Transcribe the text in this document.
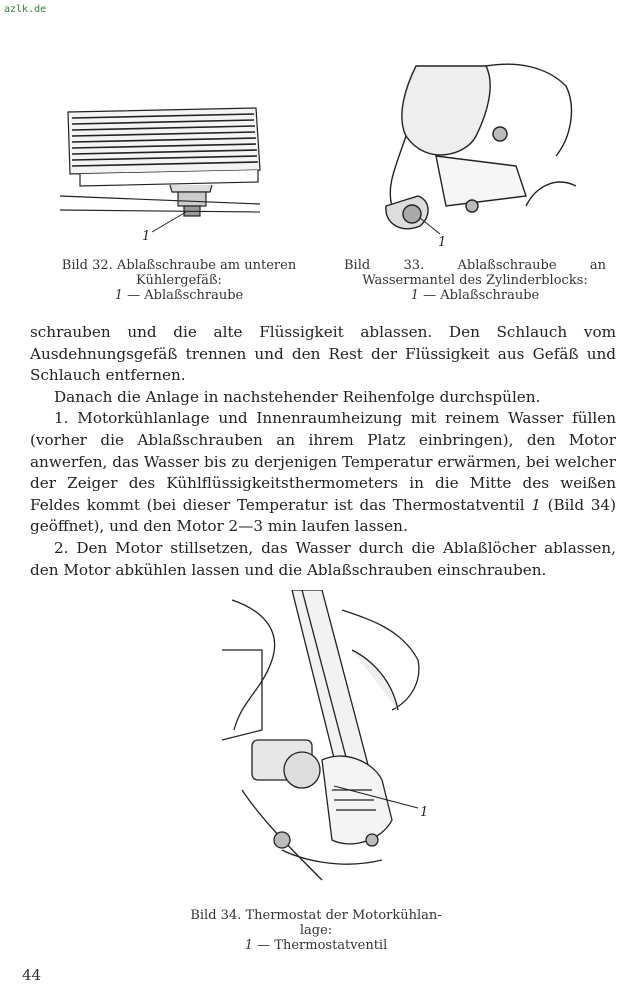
azlk.de
1	1
Bild 32. Ablaßschraube am unteren
Kühlergefäß:
1 — Ablaßschraube
Bild 33. Ablaßschraube an Wassermantel des Zylinderblocks:
1 — Ablaßschraube

schrauben und die alte Flüssigkeit ablassen. Den Schlauch vom Ausdehnungsgefäß trennen und den Rest der Flüssigkeit aus Gefäß und Schlauch entfernen.

Danach die Anlage in nachstehender Reihenfolge durchspülen.

1. Motorkühlanlage und Innenraumheizung mit reinem Wasser füllen (vorher die Ablaßschrauben an ihrem Platz einbringen), den Motor anwerfen, das Wasser bis zu derjenigen Temperatur erwärmen, bei welcher der Zeiger des Kühlflüssigkeitsthermometers in die Mitte des weißen Feldes kommt (bei dieser Temperatur ist das Thermostatventil 1 (Bild 34) geöffnet), und den Motor 2—3 min laufen lassen.

2. Den Motor stillsetzen, das Wasser durch die Ablaßlöcher ablassen, den Motor abkühlen lassen und die Ablaßschrauben einschrauben.

1
Bild 34. Thermostat der Motorkühlan-
lage:
1 — Thermostatventil
44
